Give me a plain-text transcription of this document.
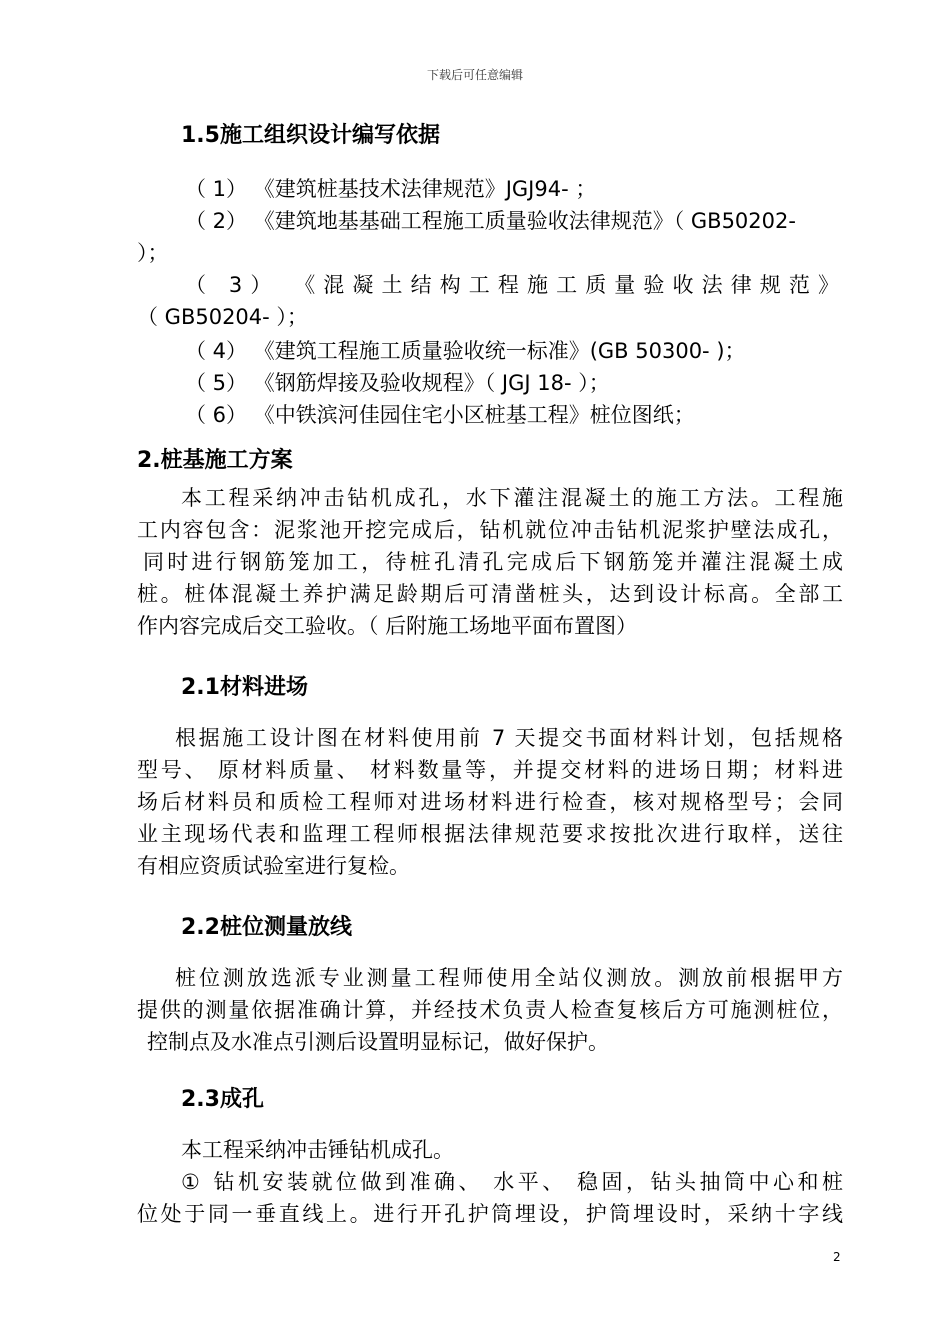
下载后可任意编辑
1.5施工组织设计编写依据
（ 1） 《建筑桩基技术法律规范》JGJ94- ；
（ 2） 《建筑地基基础工程施工质量验收法律规范》（ GB50202-
）；
（ 3） 《混凝土结构工程施工质量验收法律规范》
（ GB50204- ）；
（ 4） 《建筑工程施工质量验收统一标准》(GB 50300- )；
（ 5） 《钢筋焊接及验收规程》（ JGJ 18- ）；
（ 6） 《中铁滨河佳园住宅小区桩基工程》桩位图纸；
2.桩基施工方案
本工程采纳冲击钻机成孔，水下灌注混凝土的施工方法。工程施
工内容包含：泥浆池开挖完成后，钻机就位冲击钻机泥浆护壁法成孔，
同时进行钢筋笼加工，待桩孔清孔完成后下钢筋笼并灌注混凝土成
桩。桩体混凝土养护满足龄期后可清凿桩头，达到设计标高。全部工
作内容完成后交工验收。（ 后附施工场地平面布置图）
2.1材料进场
根据施工设计图在材料使用前 7 天提交书面材料计划，包括规格
型号、 原材料质量、 材料数量等，并提交材料的进场日期；材料进
场后材料员和质检工程师对进场材料进行检查，核对规格型号；会同
业主现场代表和监理工程师根据法律规范要求按批次进行取样，送往
有相应资质试验室进行复检。
2.2桩位测量放线
桩位测放选派专业测量工程师使用全站仪测放。测放前根据甲方
提供的测量依据准确计算，并经技术负责人检查复核后方可施测桩位，
控制点及水准点引测后设置明显标记，做好保护。
2.3成孔
本工程采纳冲击锤钻机成孔。
① 钻机安装就位做到准确、 水平、 稳固，钻头抽筒中心和桩
位处于同一垂直线上。进行开孔护筒埋设，护筒埋设时，采纳十字线
2
